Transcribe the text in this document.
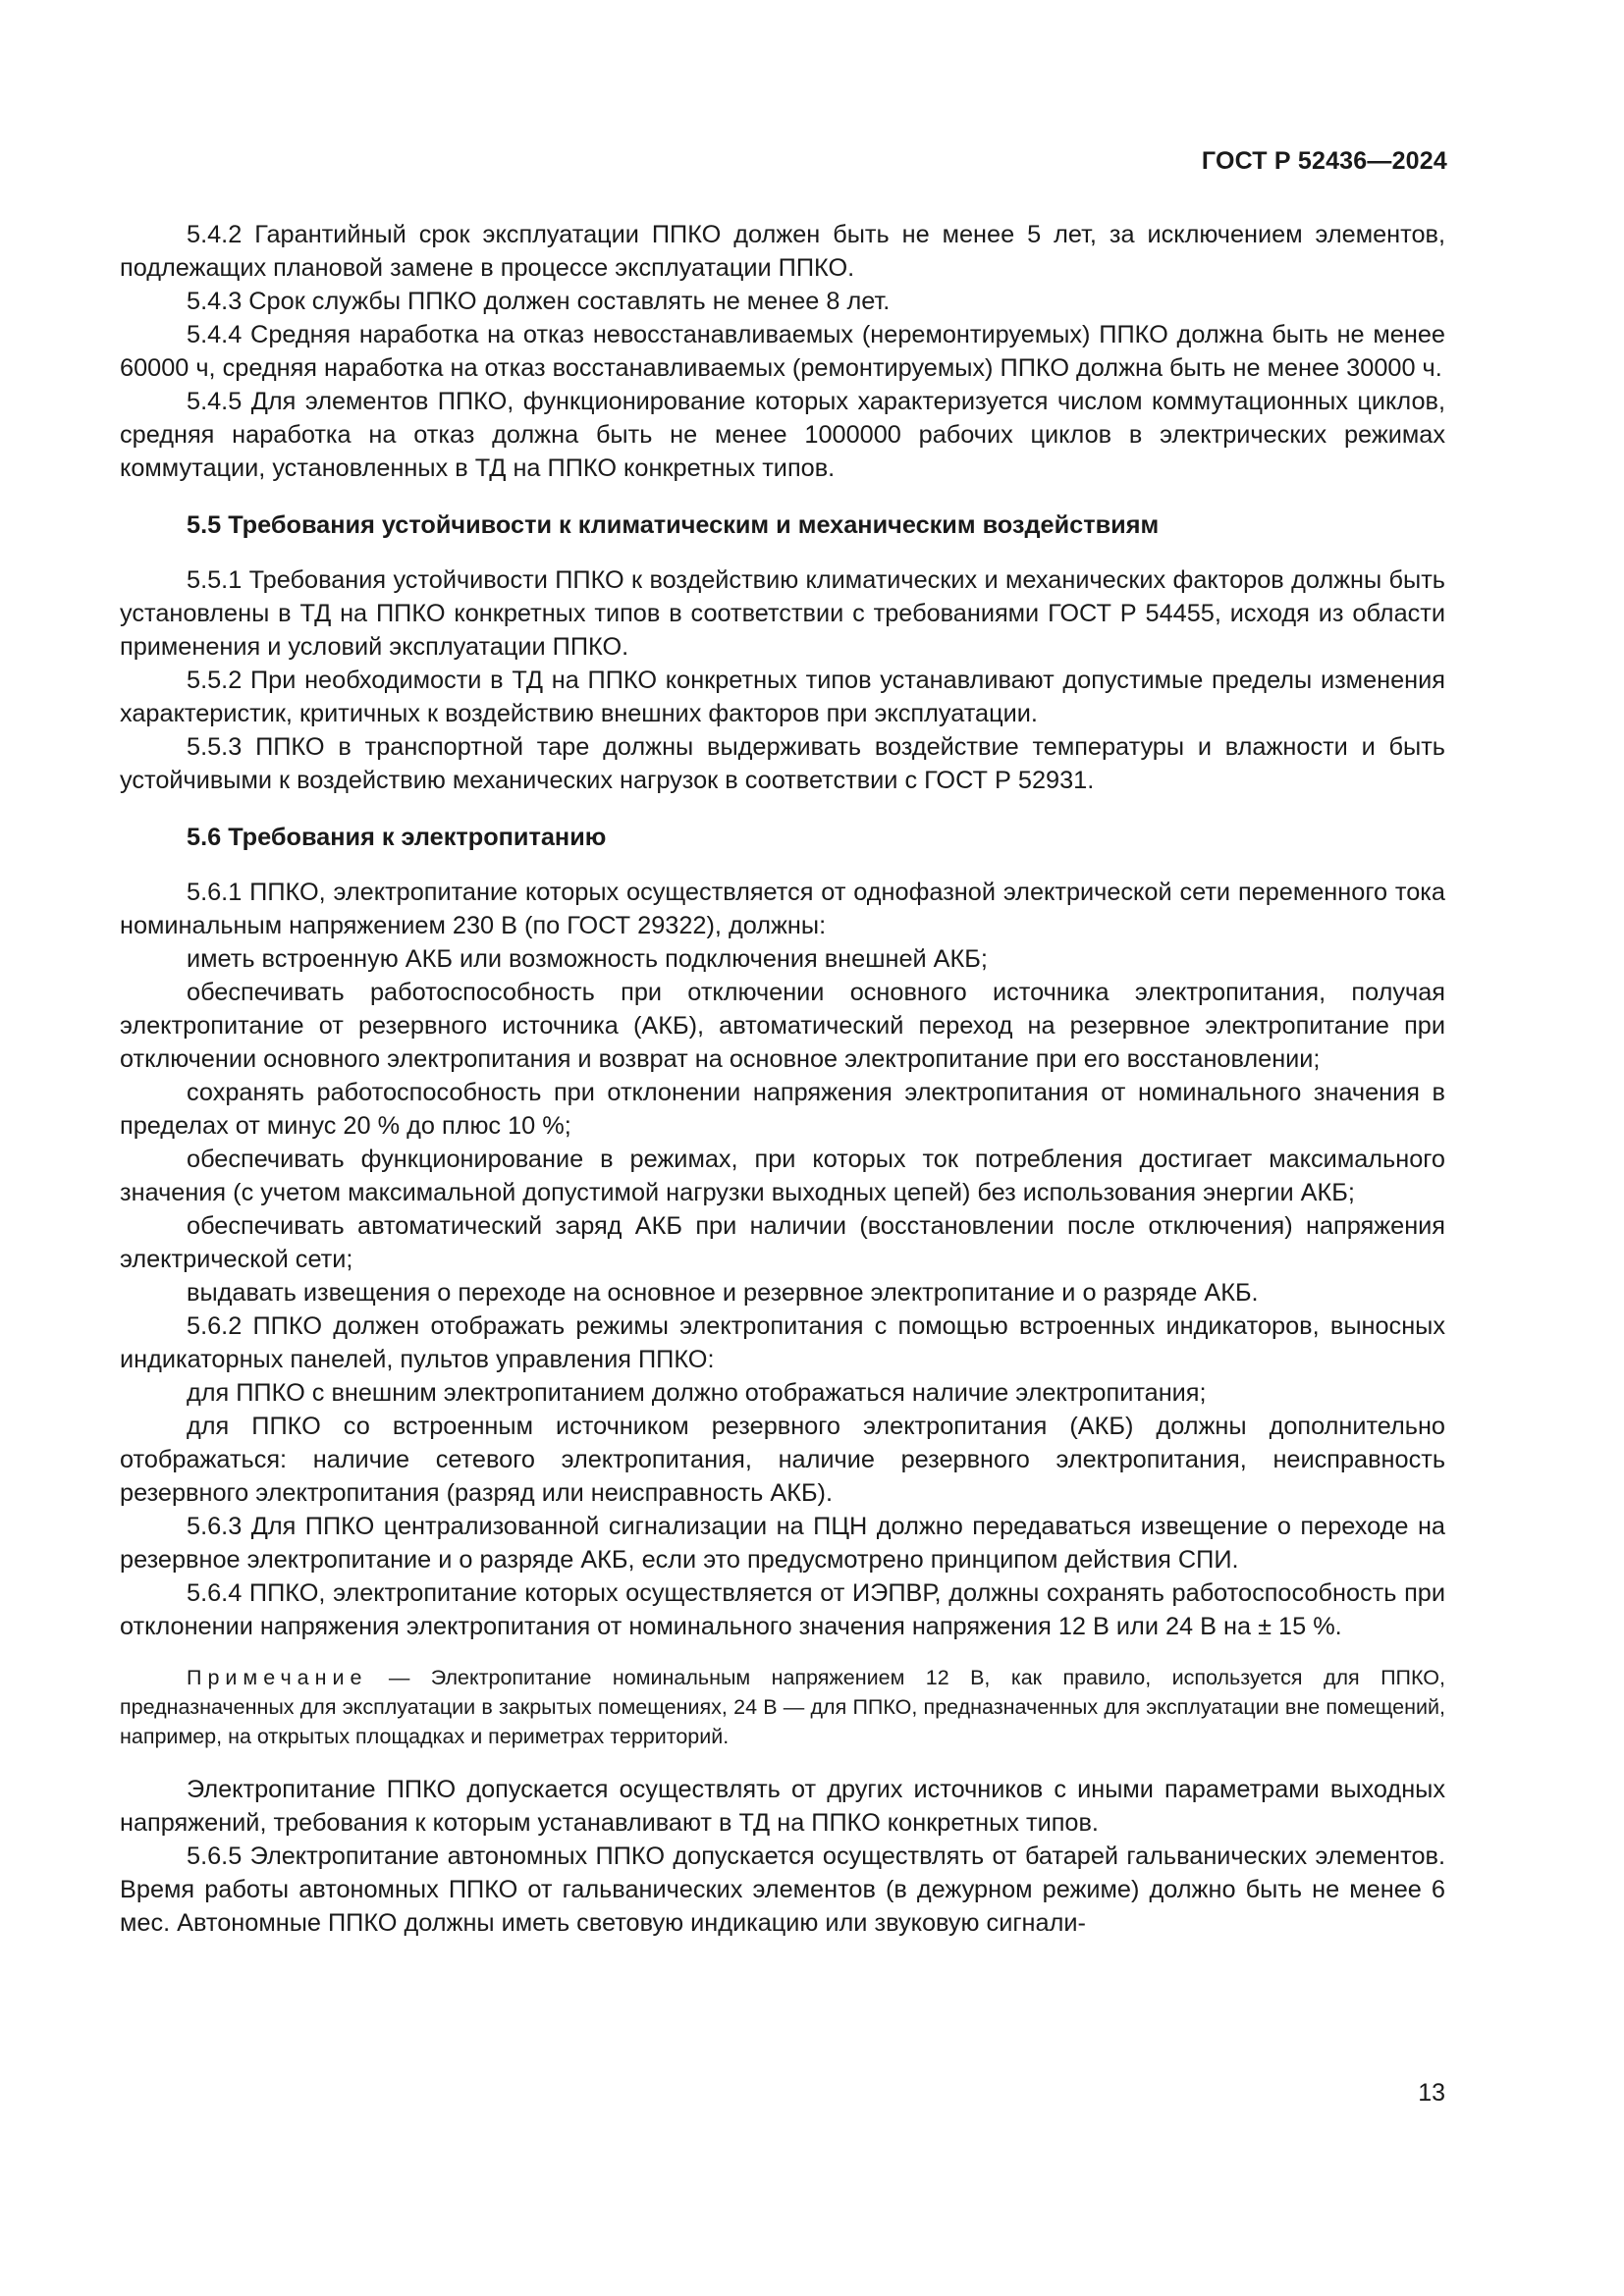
ГОСТ Р 52436—2024

5.4.2 Гарантийный срок эксплуатации ППКО должен быть не менее 5 лет, за исключением элементов, подлежащих плановой замене в процессе эксплуатации ППКО.

5.4.3 Срок службы ППКО должен составлять не менее 8 лет.

5.4.4 Средняя наработка на отказ невосстанавливаемых (неремонтируемых) ППКО должна быть не менее 60000 ч, средняя наработка на отказ восстанавливаемых (ремонтируемых) ППКО должна быть не менее 30000 ч.

5.4.5 Для элементов ППКО, функционирование которых характеризуется числом коммутационных циклов, средняя наработка на отказ должна быть не менее 1000000 рабочих циклов в электрических режимах коммутации, установленных в ТД на ППКО конкретных типов.

5.5 Требования устойчивости к климатическим и механическим воздействиям

5.5.1 Требования устойчивости ППКО к воздействию климатических и механических факторов должны быть установлены в ТД на ППКО конкретных типов в соответствии с требованиями ГОСТ Р 54455, исходя из области применения и условий эксплуатации ППКО.

5.5.2 При необходимости в ТД на ППКО конкретных типов устанавливают допустимые пределы изменения характеристик, критичных к воздействию внешних факторов при эксплуатации.

5.5.3 ППКО в транспортной таре должны выдерживать воздействие температуры и влажности и быть устойчивыми к воздействию механических нагрузок в соответствии с ГОСТ Р 52931.

5.6 Требования к электропитанию

5.6.1 ППКО, электропитание которых осуществляется от однофазной электрической сети переменного тока номинальным напряжением 230 В (по ГОСТ 29322), должны:

иметь встроенную АКБ или возможность подключения внешней АКБ;

обеспечивать работоспособность при отключении основного источника электропитания, получая электропитание от резервного источника (АКБ), автоматический переход на резервное электропитание при отключении основного электропитания и возврат на основное электропитание при его восстановлении;

сохранять работоспособность при отклонении напряжения электропитания от номинального значения в пределах от минус 20 % до плюс 10 %;

обеспечивать функционирование в режимах, при которых ток потребления достигает максимального значения (с учетом максимальной допустимой нагрузки выходных цепей) без использования энергии АКБ;

обеспечивать автоматический заряд АКБ при наличии (восстановлении после отключения) напряжения электрической сети;

выдавать извещения о переходе на основное и резервное электропитание и о разряде АКБ.

5.6.2 ППКО должен отображать режимы электропитания с помощью встроенных индикаторов, выносных индикаторных панелей, пультов управления ППКО:

для ППКО с внешним электропитанием должно отображаться наличие электропитания;

для ППКО со встроенным источником резервного электропитания (АКБ) должны дополнительно отображаться: наличие сетевого электропитания, наличие резервного электропитания, неисправность резервного электропитания (разряд или неисправность АКБ).

5.6.3 Для ППКО централизованной сигнализации на ПЦН должно передаваться извещение о переходе на резервное электропитание и о разряде АКБ, если это предусмотрено принципом действия СПИ.

5.6.4 ППКО, электропитание которых осуществляется от ИЭПВР, должны сохранять работоспособность при отклонении напряжения электропитания от номинального значения напряжения 12 В или 24 В на ± 15 %.

Примечание — Электропитание номинальным напряжением 12 В, как правило, используется для ППКО, предназначенных для эксплуатации в закрытых помещениях, 24 В — для ППКО, предназначенных для эксплуатации вне помещений, например, на открытых площадках и периметрах территорий.

Электропитание ППКО допускается осуществлять от других источников с иными параметрами выходных напряжений, требования к которым устанавливают в ТД на ППКО конкретных типов.

5.6.5 Электропитание автономных ППКО допускается осуществлять от батарей гальванических элементов. Время работы автономных ППКО от гальванических элементов (в дежурном режиме) должно быть не менее 6 мес. Автономные ППКО должны иметь световую индикацию или звуковую сигнали-

13
